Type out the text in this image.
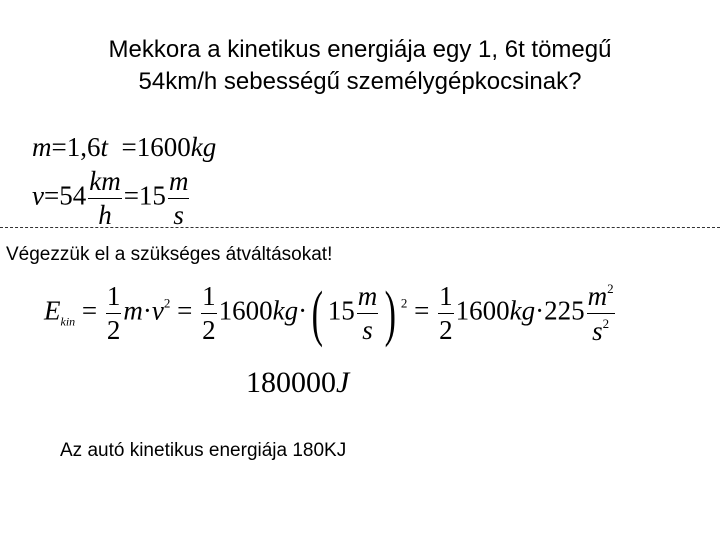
Mekkora a kinetikus energiája egy 1, 6t tömegű
54km/h sebességű személygépkocsinak?
m=1,6t =1600kg
$v=54 \frac{km}{h} =15 \frac{m}{s}$
Végezzük el a szükséges átváltásokat!
$E_{kin} = \frac{1}{2} m\cdot v^2 = \frac{1}{2} 1600kg\cdot$( $15 \frac{m}{s}$ ) $^2 = \frac{1}{2} 1600kg\cdot 225 \frac{m^2}{s^2}$
180000J
Az autó kinetikus energiája 180KJ
